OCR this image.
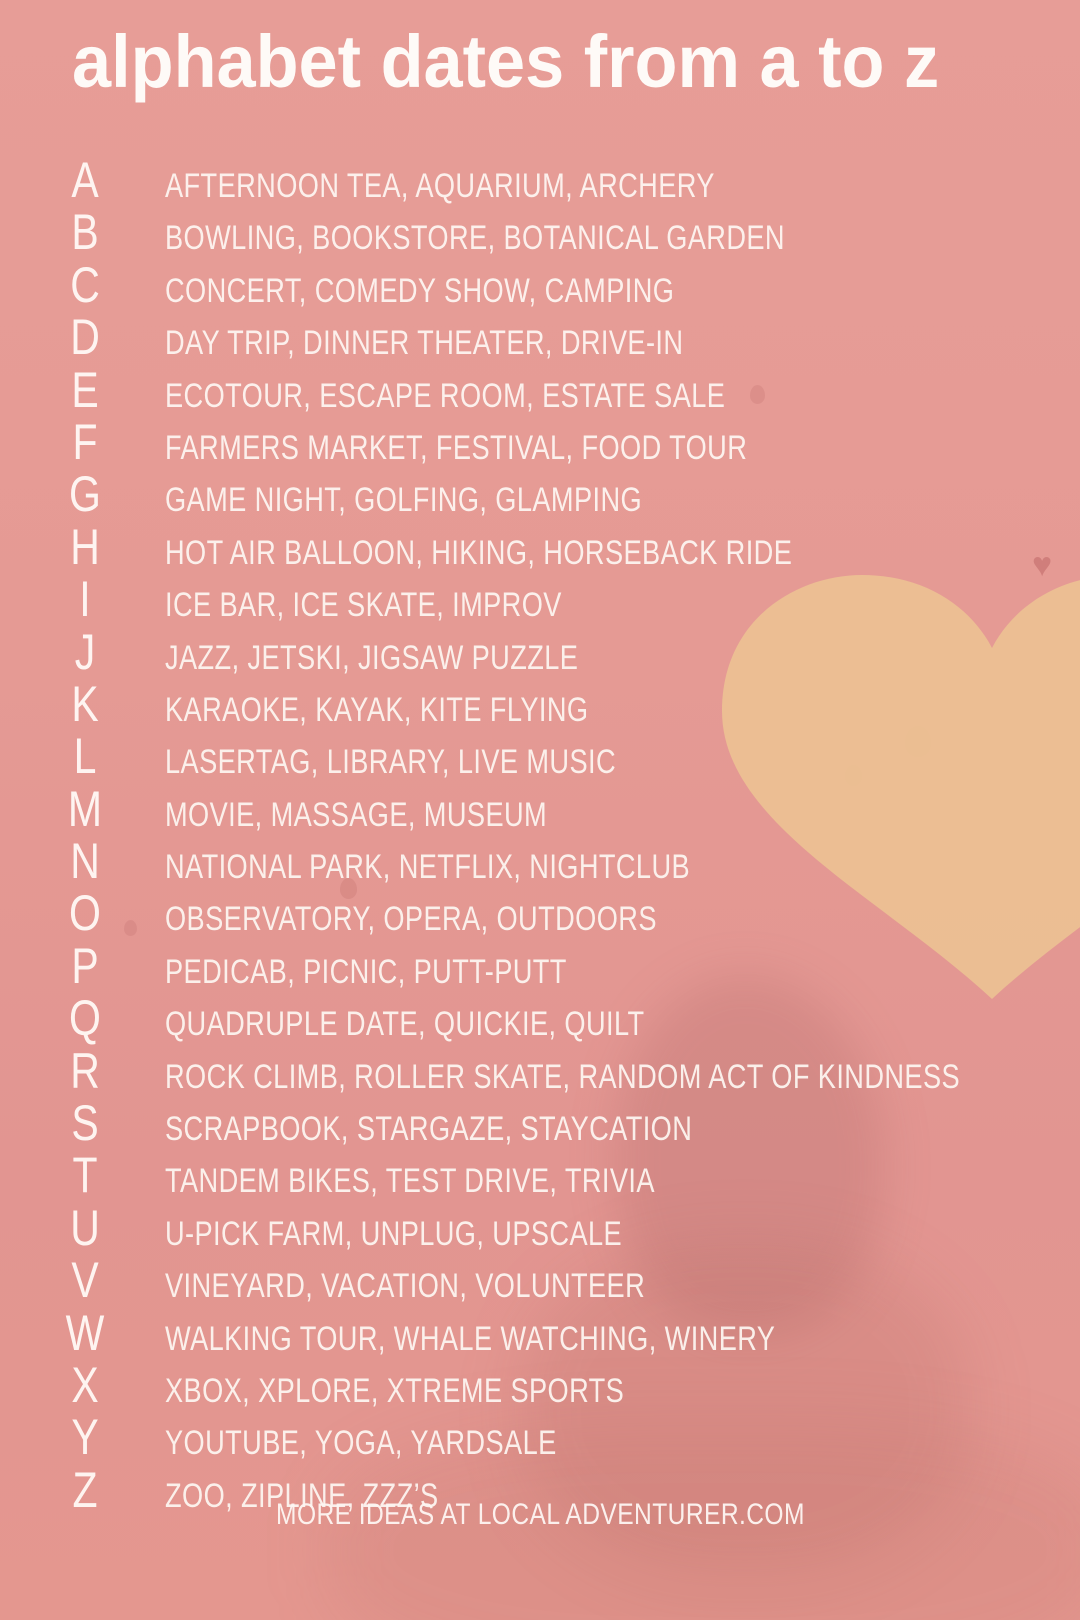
♥
alphabet dates from a to z
A AFTERNOON TEA, AQUARIUM, ARCHERY
B BOWLING, BOOKSTORE, BOTANICAL GARDEN
C CONCERT, COMEDY SHOW, CAMPING
D DAY TRIP, DINNER THEATER, DRIVE-IN
E ECOTOUR, ESCAPE ROOM, ESTATE SALE
F FARMERS MARKET, FESTIVAL, FOOD TOUR
G GAME NIGHT, GOLFING, GLAMPING
H HOT AIR BALLOON, HIKING, HORSEBACK RIDE
I	ICE BAR, ICE SKATE, IMPROV
J	JAZZ, JETSKI, JIGSAW PUZZLE
K KARAOKE, KAYAK, KITE FLYING
L LASERTAG, LIBRARY, LIVE MUSIC
M MOVIE, MASSAGE, MUSEUM
N NATIONAL PARK, NETFLIX, NIGHTCLUB
O OBSERVATORY, OPERA, OUTDOORS
P PEDICAB, PICNIC, PUTT-PUTT
Q QUADRUPLE DATE, QUICKIE, QUILT
R ROCK CLIMB, ROLLER SKATE, RANDOM ACT OF KINDNESS
S SCRAPBOOK, STARGAZE, STAYCATION
T TANDEM BIKES, TEST DRIVE, TRIVIA
U U-PICK FARM, UNPLUG, UPSCALE
V VINEYARD, VACATION, VOLUNTEER
W WALKING TOUR, WHALE WATCHING, WINERY
X XBOX, XPLORE, XTREME SPORTS
Y YOUTUBE, YOGA, YARDSALE
Z ZOO, ZIPLINE, ZZZ’S
MORE IDEAS AT LOCAL ADVENTURER.COM
